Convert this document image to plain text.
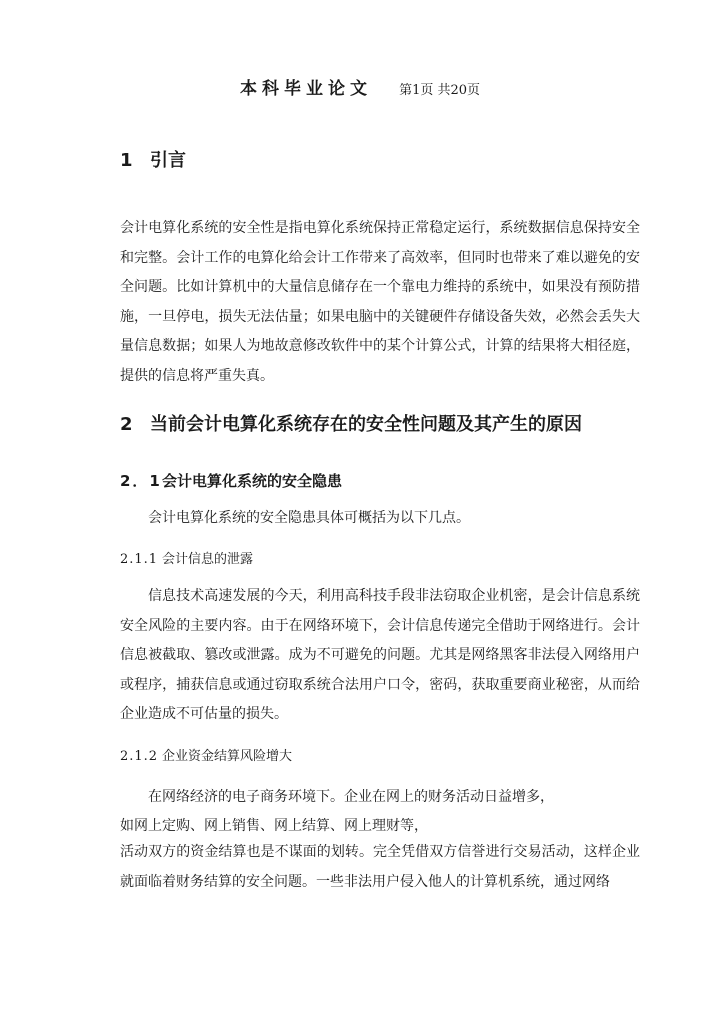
本科毕业论文 第1页 共20页
1 引言

会计电算化系统的安全性是指电算化系统保持正常稳定运行，系统数据信息保持安全和完整。会计工作的电算化给会计工作带来了高效率，但同时也带来了难以避免的安全问题。比如计算机中的大量信息储存在一个靠电力维持的系统中，如果没有预防措施，一旦停电，损失无法估量；如果电脑中的关键硬件存储设备失效，必然会丢失大量信息数据；如果人为地故意修改软件中的某个计算公式，计算的结果将大相径庭，提供的信息将严重失真。

2 当前会计电算化系统存在的安全性问题及其产生的原因
2．1会计电算化系统的安全隐患

会计电算化系统的安全隐患具体可概括为以下几点。

2.1.1 会计信息的泄露

信息技术高速发展的今天，利用高科技手段非法窃取企业机密，是会计信息系统安全风险的主要内容。由于在网络环境下，会计信息传递完全借助于网络进行。会计信息被截取、篡改或泄露。成为不可避免的问题。尤其是网络黑客非法侵入网络用户或程序，捕获信息或通过窃取系统合法用户口令，密码，获取重要商业秘密，从而给企业造成不可估量的损失。

2.1.2 企业资金结算风险增大
在网络经济的电子商务环境下。企业在网上的财务活动日益增多，
如网上定购、网上销售、网上结算、网上理财等，

活动双方的资金结算也是不谋面的划转。完全凭借双方信誉进行交易活动，这样企业就面临着财务结算的安全问题。一些非法用户侵入他人的计算机系统，通过网络
